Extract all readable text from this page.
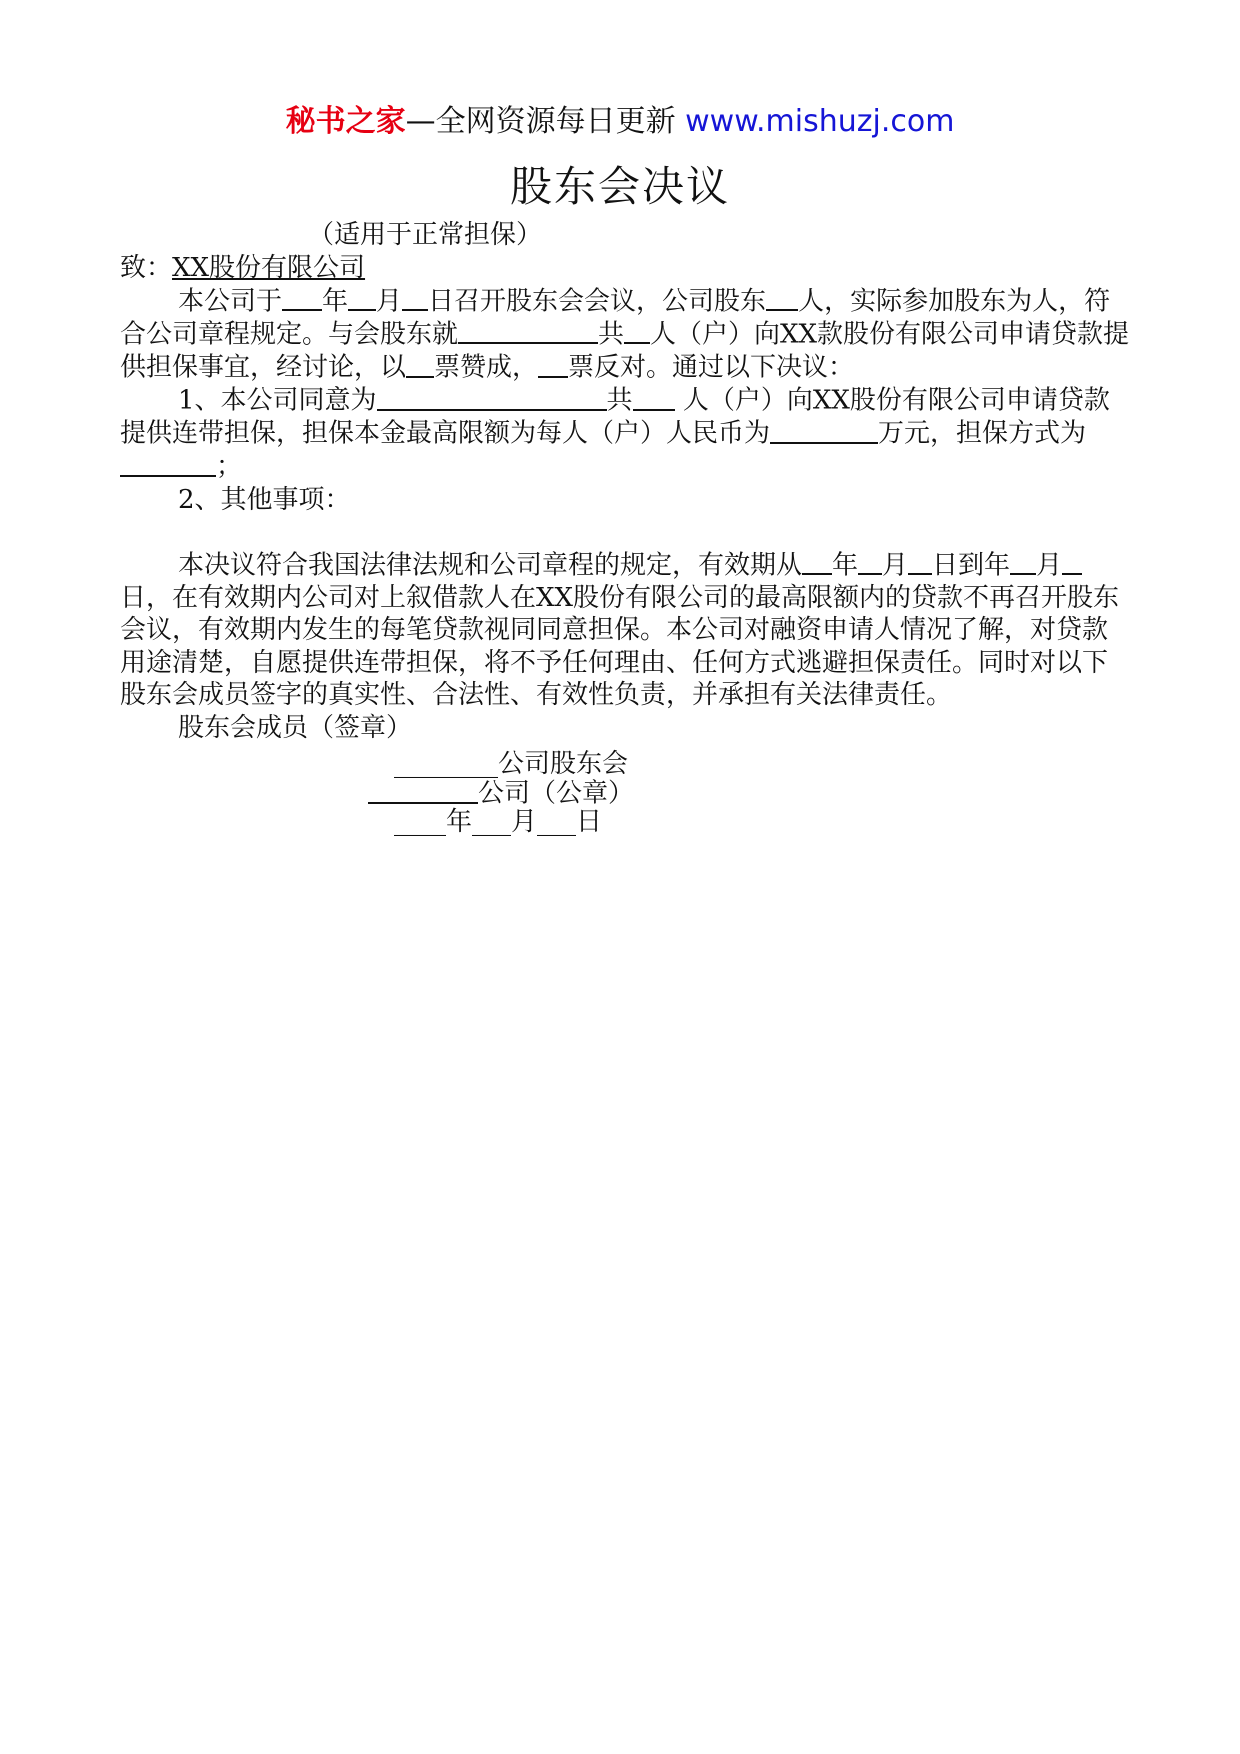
秘书之家—全网资源每日更新 www.mishuzj.com
股东会决议
（适用于正常担保）

致：XX股份有限公司

本公司于 年 月 日召开股东会会议，公司股东 人，实际参加股东为人，符合公司章程规定。与会股东就	共 人（户）向XX款股份有限公司申请贷款提供担保事宜，经讨论，以 票赞成， 票反对。通过以下决议：

1、本公司同意为	共 人（户）向XX股份有限公司申请贷款提供连带担保，担保本金最高限额为每人（户）人民币为	万元，担保方式为 ；

2、其他事项：

本决议符合我国法律法规和公司章程的规定，有效期从 年 月 日到年 月日，在有效期内公司对上叙借款人在XX股份有限公司的最高限额内的贷款不再召开股东会议，有效期内发生的每笔贷款视同同意担保。本公司对融资申请人情况了解，对贷款用途清楚，自愿提供连带担保，将不予任何理由、任何方式逃避担保责任。同时对以下股东会成员签字的真实性、合法性、有效性负责，并承担有关法律责任。

股东会成员（签章）

________公司股东会
公司（公章）
____年___月___日
